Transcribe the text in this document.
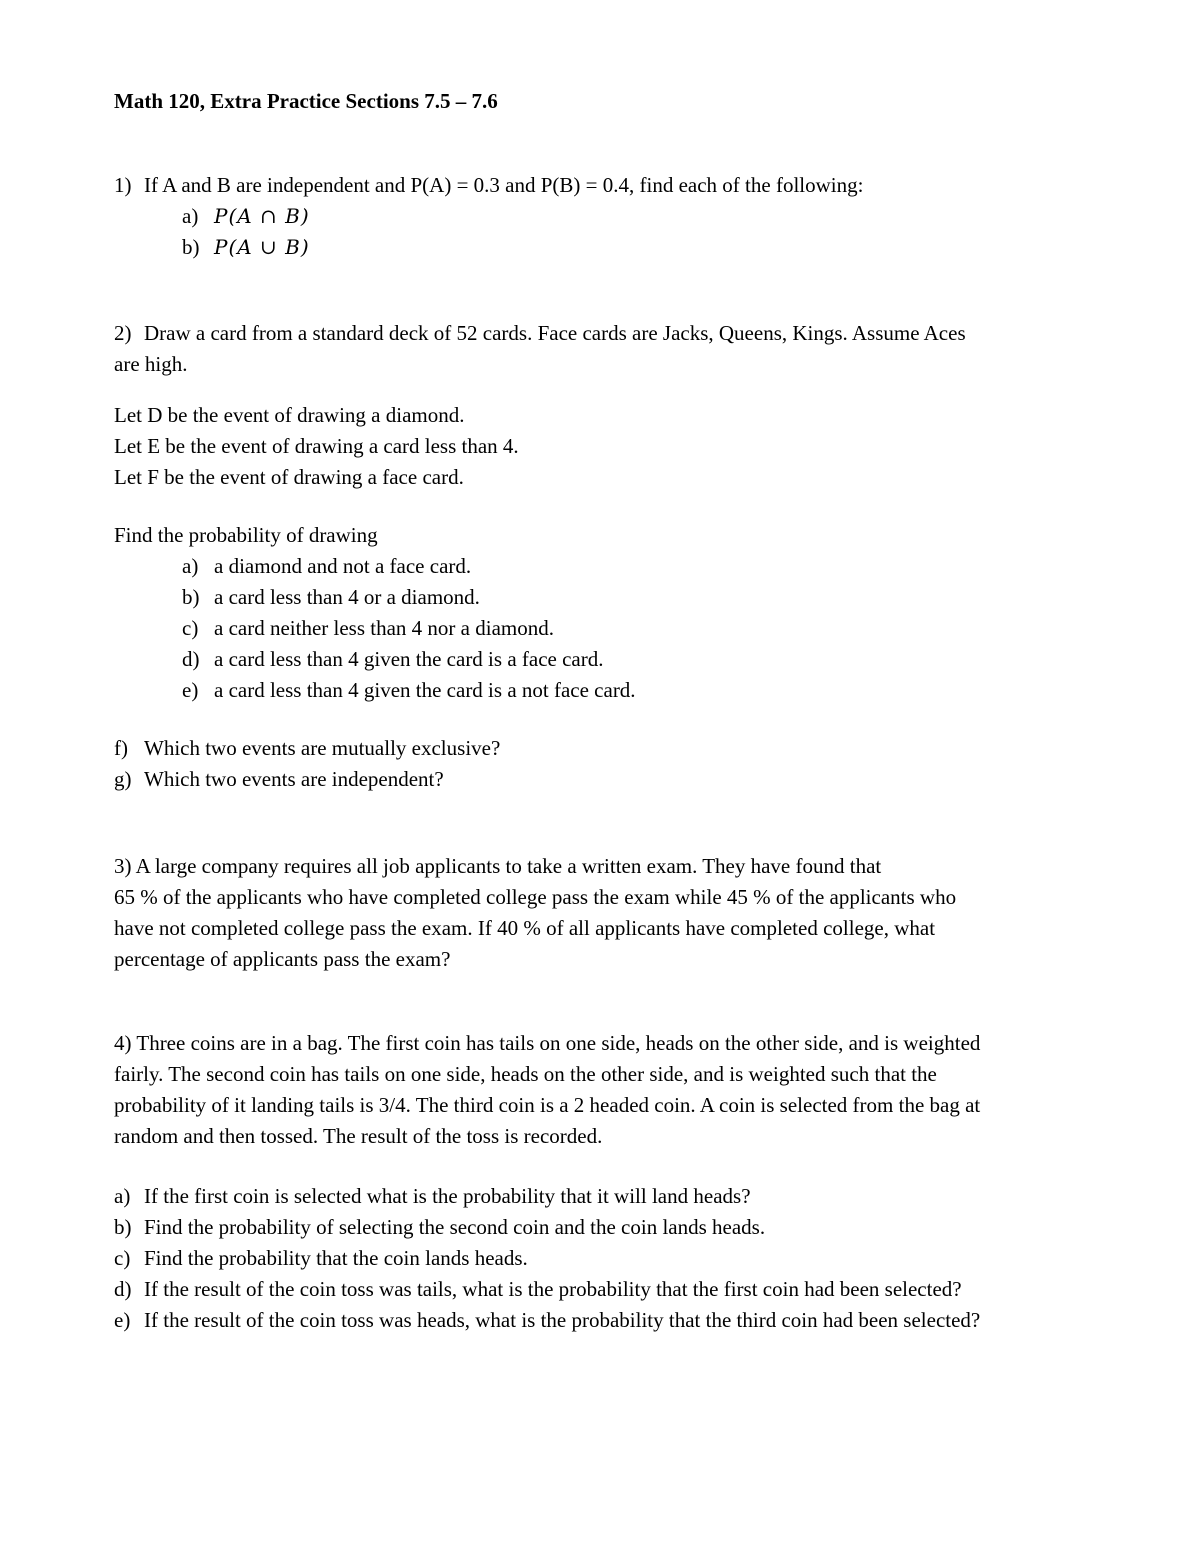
Math 120, Extra Practice Sections 7.5 – 7.6
1) If A and B are independent and P(A) = 0.3 and P(B) = 0.4, find each of the following:
a) P(A ∩ B)
b) P(A ∪ B)
2) Draw a card from a standard deck of 52 cards. Face cards are Jacks, Queens, Kings. Assume Aces
are high.
Let D be the event of drawing a diamond.
Let E be the event of drawing a card less than 4.
Let F be the event of drawing a face card.
Find the probability of drawing
a) a diamond and not a face card.
b) a card less than 4 or a diamond.
c) a card neither less than 4 nor a diamond.
d) a card less than 4 given the card is a face card.
e) a card less than 4 given the card is a not face card.
f) Which two events are mutually exclusive?
g) Which two events are independent?
3) A large company requires all job applicants to take a written exam. They have found that
65 % of the applicants who have completed college pass the exam while 45 % of the applicants who
have not completed college pass the exam. If 40 % of all applicants have completed college, what
percentage of applicants pass the exam?
4) Three coins are in a bag. The first coin has tails on one side, heads on the other side, and is weighted
fairly. The second coin has tails on one side, heads on the other side, and is weighted such that the
probability of it landing tails is 3/4. The third coin is a 2 headed coin. A coin is selected from the bag at
random and then tossed. The result of the toss is recorded.
a) If the first coin is selected what is the probability that it will land heads?
b) Find the probability of selecting the second coin and the coin lands heads.
c) Find the probability that the coin lands heads.
d) If the result of the coin toss was tails, what is the probability that the first coin had been selected?
e) If the result of the coin toss was heads, what is the probability that the third coin had been selected?
